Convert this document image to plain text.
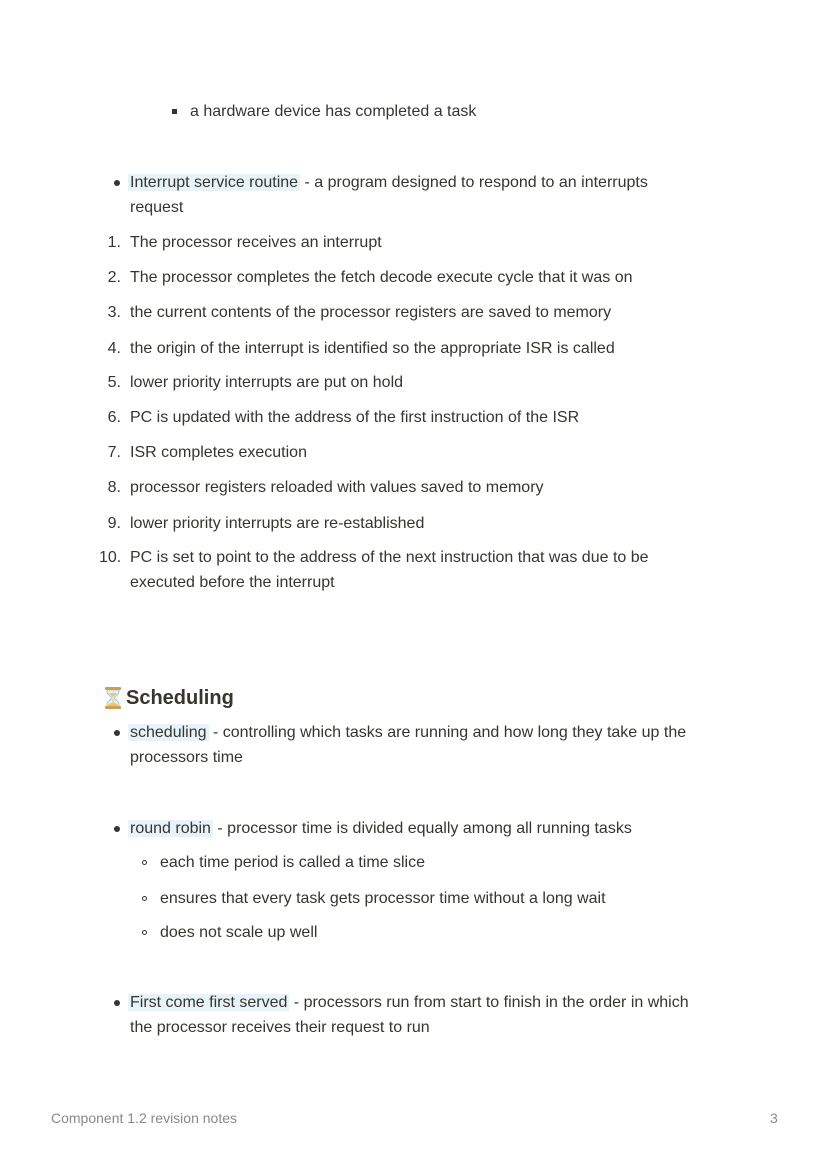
a hardware device has completed a task
Interrupt service routine - a program designed to respond to an interrupts
request
1. The processor receives an interrupt
2. The processor completes the fetch decode execute cycle that it was on
3. the current contents of the processor registers are saved to memory
4. the origin of the interrupt is identified so the appropriate ISR is called
5. lower priority interrupts are put on hold
6. PC is updated with the address of the first instruction of the ISR
7. ISR completes execution
8. processor registers reloaded with values saved to memory
9. lower priority interrupts are re-established
10. PC is set to point to the address of the next instruction that was due to be
executed before the interrupt
Scheduling
scheduling - controlling which tasks are running and how long they take up the
processors time
round robin - processor time is divided equally among all running tasks
each time period is called a time slice
ensures that every task gets processor time without a long wait
does not scale up well
First come first served - processors run from start to finish in the order in which
the processor receives their request to run
Component 1.2 revision notes	3
